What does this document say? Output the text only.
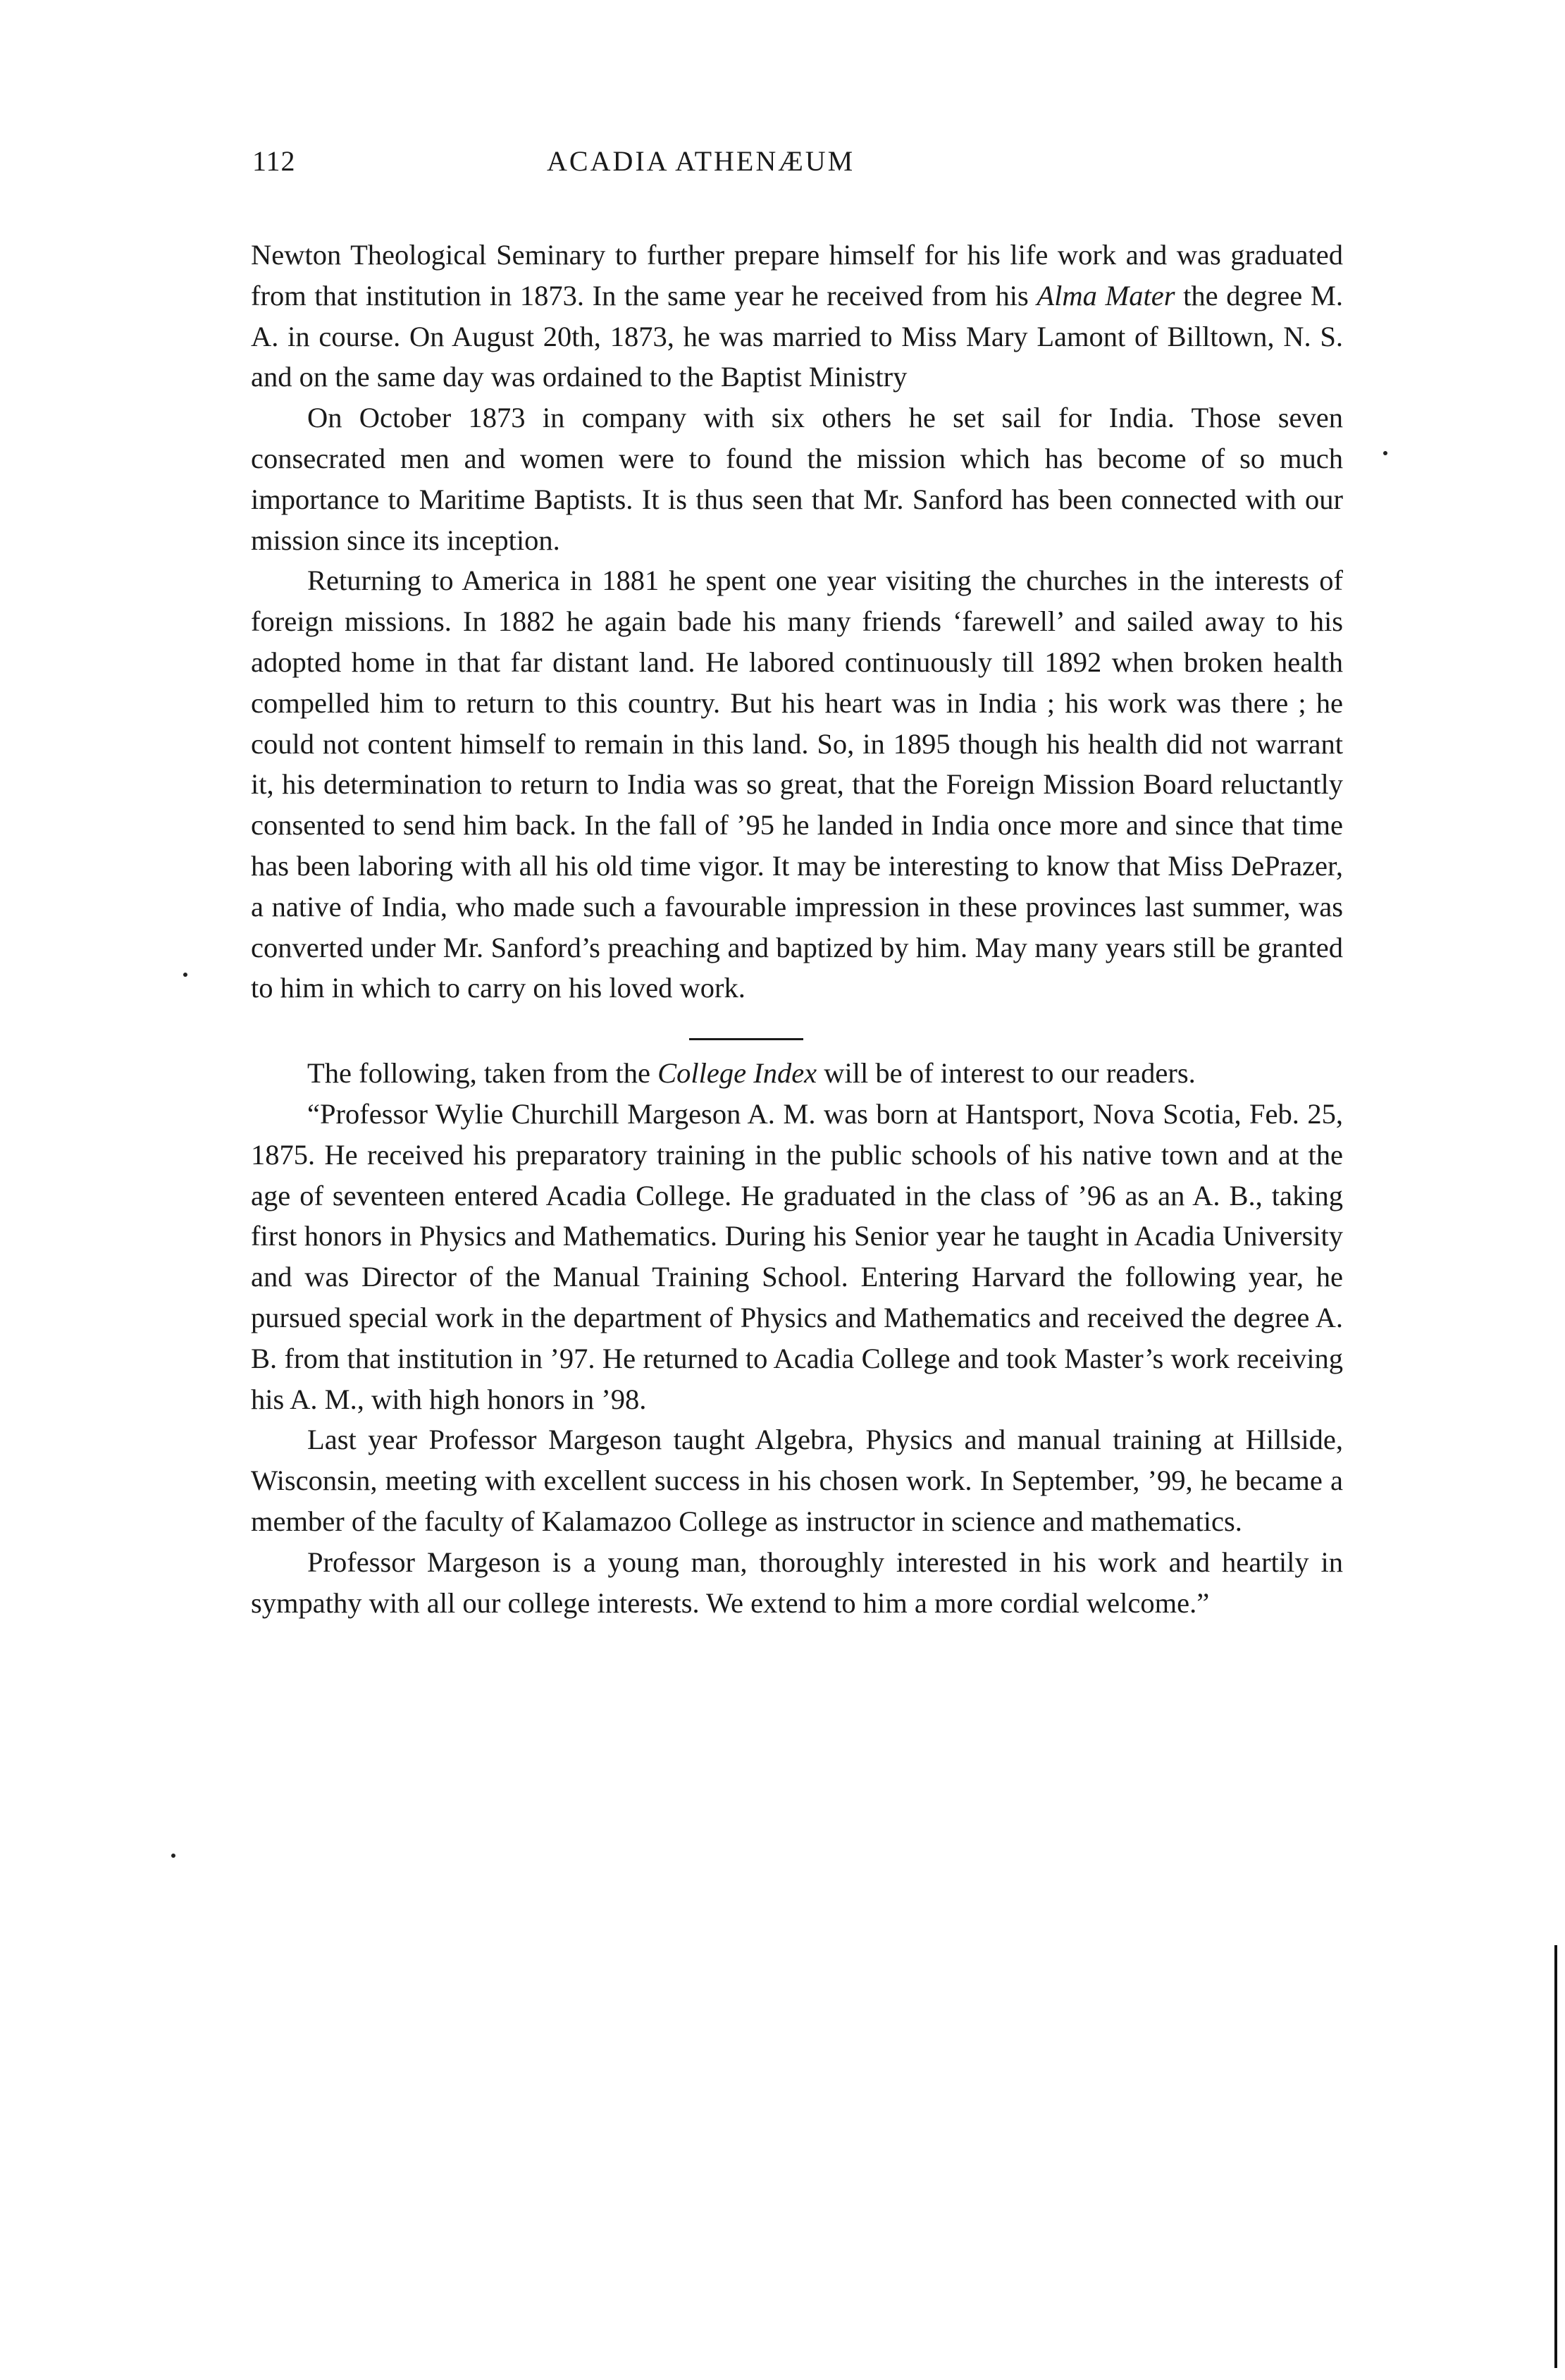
112	ACADIA ATHENÆUM

Newton Theological Seminary to further prepare himself for his life work and was graduated from that institution in 1873. In the same year he received from his Alma Mater the degree M. A. in course. On August 20th, 1873, he was married to Miss Mary Lamont of Billtown, N. S. and on the same day was ordained to the Baptist Ministry

On October 1873 in company with six others he set sail for India. Those seven consecrated men and women were to found the mission which has become of so much importance to Maritime Baptists. It is thus seen that Mr. Sanford has been connected with our mission since its inception.

Returning to America in 1881 he spent one year visiting the churches in the interests of foreign missions. In 1882 he again bade his many friends ‘farewell’ and sailed away to his adopted home in that far distant land. He labored continuously till 1892 when broken health compelled him to return to this country. But his heart was in India ; his work was there ; he could not content himself to remain in this land. So, in 1895 though his health did not warrant it, his determination to return to India was so great, that the Foreign Mission Board reluctantly consented to send him back. In the fall of ’95 he landed in India once more and since that time has been laboring with all his old time vigor. It may be interesting to know that Miss DePrazer, a native of India, who made such a favourable impression in these provinces last summer, was converted under Mr. Sanford’s preaching and baptized by him. May many years still be granted to him in which to carry on his loved work.

The following, taken from the College Index will be of interest to our readers.

“Professor Wylie Churchill Margeson A. M. was born at Hantsport, Nova Scotia, Feb. 25, 1875. He received his preparatory training in the public schools of his native town and at the age of seventeen entered Acadia College. He graduated in the class of ’96 as an A. B., taking first honors in Physics and Mathematics. During his Senior year he taught in Acadia University and was Director of the Manual Training School. Entering Harvard the following year, he pursued special work in the department of Physics and Mathematics and received the degree A. B. from that institution in ’97. He returned to Acadia College and took Master’s work receiving his A. M., with high honors in ’98.

Last year Professor Margeson taught Algebra, Physics and manual training at Hillside, Wisconsin, meeting with excellent success in his chosen work. In September, ’99, he became a member of the faculty of Kalamazoo College as instructor in science and mathematics.

Professor Margeson is a young man, thoroughly interested in his work and heartily in sympathy with all our college interests. We extend to him a more cordial welcome.”
